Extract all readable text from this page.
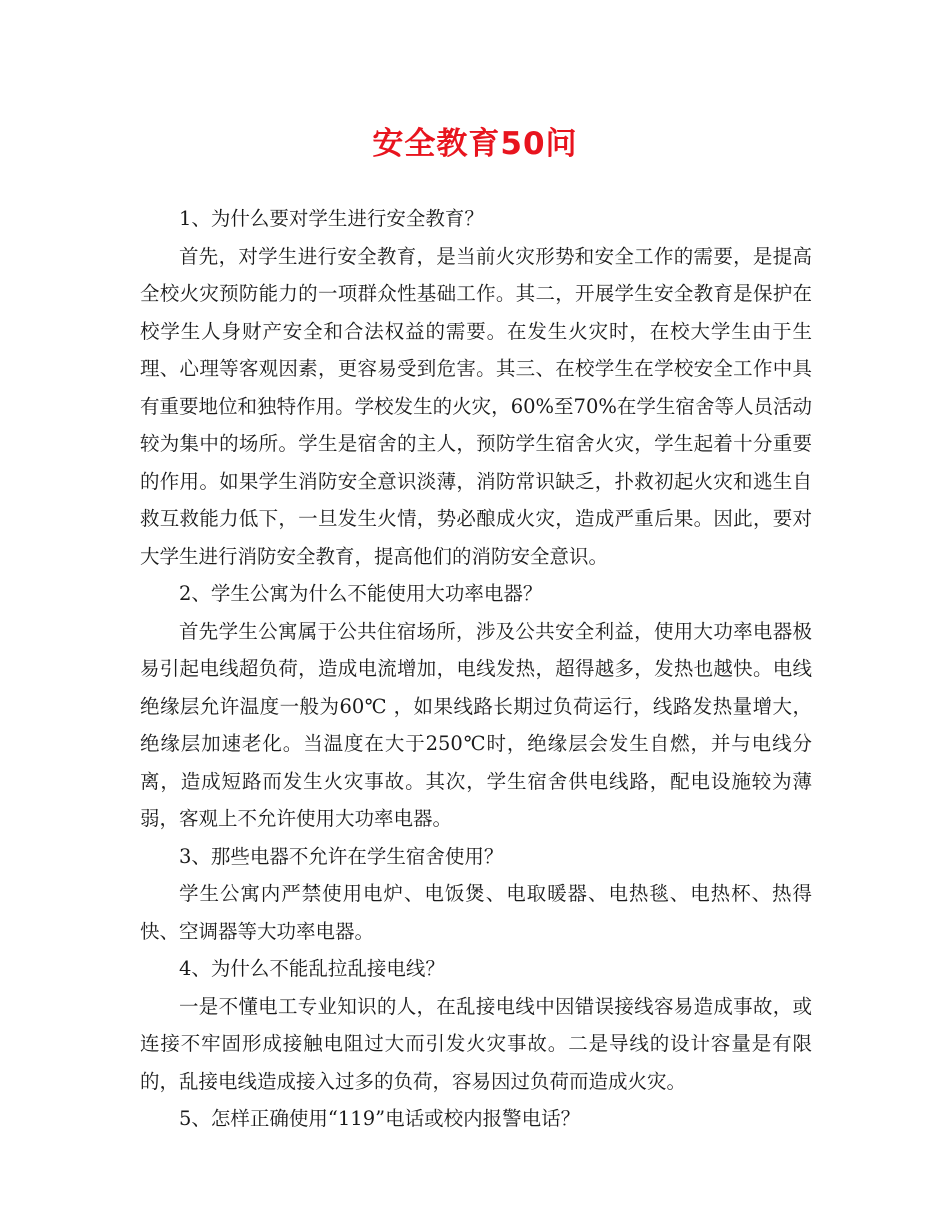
安全教育50问

1、为什么要对学生进行安全教育？

首先，对学生进行安全教育，是当前火灾形势和安全工作的需要，是提高全校火灾预防能力的一项群众性基础工作。其二，开展学生安全教育是保护在校学生人身财产安全和合法权益的需要。在发生火灾时，在校大学生由于生理、心理等客观因素，更容易受到危害。其三、在校学生在学校安全工作中具有重要地位和独特作用。学校发生的火灾，60%至70%在学生宿舍等人员活动较为集中的场所。学生是宿舍的主人，预防学生宿舍火灾，学生起着十分重要的作用。如果学生消防安全意识淡薄，消防常识缺乏，扑救初起火灾和逃生自救互救能力低下，一旦发生火情，势必酿成火灾，造成严重后果。因此，要对大学生进行消防安全教育，提高他们的消防安全意识。

2、学生公寓为什么不能使用大功率电器？

首先学生公寓属于公共住宿场所，涉及公共安全利益，使用大功率电器极易引起电线超负荷，造成电流增加，电线发热，超得越多，发热也越快。电线绝缘层允许温度一般为60℃ ，如果线路长期过负荷运行，线路发热量增大，绝缘层加速老化。当温度在大于250℃时，绝缘层会发生自燃，并与电线分离，造成短路而发生火灾事故。其次，学生宿舍供电线路，配电设施较为薄弱，客观上不允许使用大功率电器。

3、那些电器不允许在学生宿舍使用？

学生公寓内严禁使用电炉、电饭煲、电取暖器、电热毯、电热杯、热得快、空调器等大功率电器。

4、为什么不能乱拉乱接电线？

一是不懂电工专业知识的人，在乱接电线中因错误接线容易造成事故，或连接不牢固形成接触电阻过大而引发火灾事故。二是导线的设计容量是有限的，乱接电线造成接入过多的负荷，容易因过负荷而造成火灾。

5、怎样正确使用“119”电话或校内报警电话？
